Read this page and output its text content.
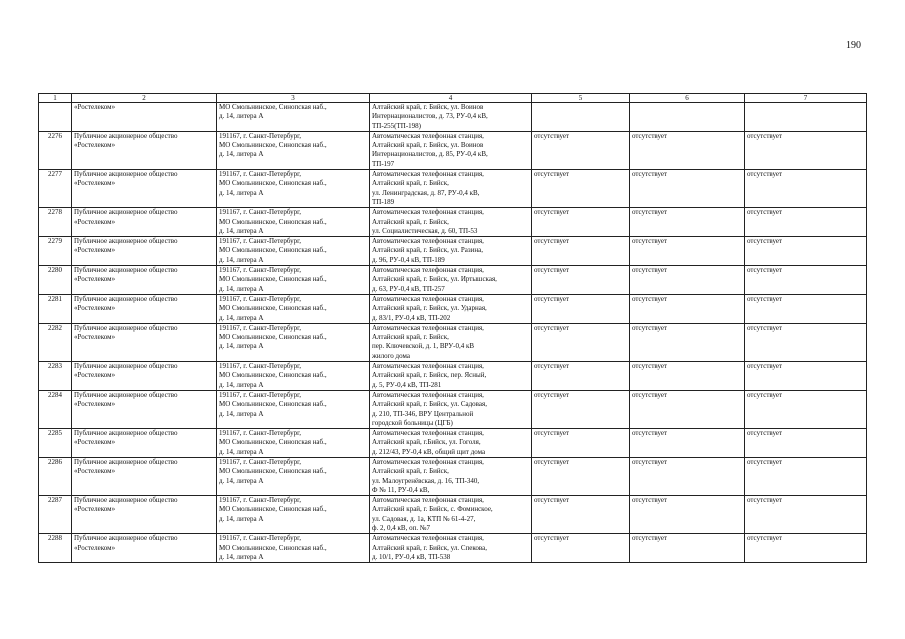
190
1	2	3	4	5	6	7
	«Ростелеком»	МО Смольнинское, Синопская наб.,
д. 14, литера А	Алтайский край, г. Бийск, ул. Воинов
Интернационалистов, д. 73, РУ-0,4 кВ,
ТП-255(ТП-198)			
2276	Публичное акционерное общество
«Ростелеком»	191167, г. Санкт-Петербург,
МО Смольнинское, Синопская наб.,
д. 14, литера А	Автоматическая телефонная станция,
Алтайский край, г. Бийск, ул. Воинов
Интернационалистов, д. 85, РУ-0,4 кВ,
ТП-197	отсутствует	отсутствует	отсутствует
2277	Публичное акционерное общество
«Ростелеком»	191167, г. Санкт-Петербург,
МО Смольнинское, Синопская наб.,
д. 14, литера А	Автоматическая телефонная станция,
Алтайский край, г. Бийск,
ул. Ленинградская, д. 87, РУ-0,4 кВ,
ТП-189	отсутствует	отсутствует	отсутствует
2278	Публичное акционерное общество
«Ростелеком»	191167, г. Санкт-Петербург,
МО Смольнинское, Синопская наб.,
д. 14, литера А	Автоматическая телефонная станция,
Алтайский край, г. Бийск,
ул. Социалистическая, д. 60, ТП-53	отсутствует	отсутствует	отсутствует
2279	Публичное акционерное общество
«Ростелеком»	191167, г. Санкт-Петербург,
МО Смольнинское, Синопская наб.,
д. 14, литера А	Автоматическая телефонная станция,
Алтайский край, г. Бийск, ул. Разина,
д. 96, РУ-0,4 кВ, ТП-189	отсутствует	отсутствует	отсутствует
2280	Публичное акционерное общество
«Ростелеком»	191167, г. Санкт-Петербург,
МО Смольнинское, Синопская наб.,
д. 14, литера А	Автоматическая телефонная станция,
Алтайский край, г. Бийск, ул. Иртышская,
д. 63, РУ-0,4 кВ, ТП-257	отсутствует	отсутствует	отсутствует
2281	Публичное акционерное общество
«Ростелеком»	191167, г. Санкт-Петербург,
МО Смольнинское, Синопская наб.,
д. 14, литера А	Автоматическая телефонная станция,
Алтайский край, г. Бийск, ул. Ударная,
д. 83/1, РУ-0,4 кВ, ТП-202	отсутствует	отсутствует	отсутствует
2282	Публичное акционерное общество
«Ростелеком»	191167, г. Санкт-Петербург,
МО Смольнинское, Синопская наб.,
д. 14, литера А	Автоматическая телефонная станция,
Алтайский край, г. Бийск,
пер. Ключевской, д. 1, ВРУ-0,4 кВ
жилого дома	отсутствует	отсутствует	отсутствует
2283	Публичное акционерное общество
«Ростелеком»	191167, г. Санкт-Петербург,
МО Смольнинское, Синопская наб.,
д. 14, литера А	Автоматическая телефонная станция,
Алтайский край, г. Бийск, пер. Ясный,
д. 5, РУ-0,4 кВ, ТП-281	отсутствует	отсутствует	отсутствует
2284	Публичное акционерное общество
«Ростелеком»	191167, г. Санкт-Петербург,
МО Смольнинское, Синопская наб.,
д. 14, литера А	Автоматическая телефонная станция,
Алтайский край, г. Бийск, ул. Садовая,
д. 210, ТП-346, ВРУ Центральной
городской больницы (ЦГБ)	отсутствует	отсутствует	отсутствует
2285	Публичное акционерное общество
«Ростелеком»	191167, г. Санкт-Петербург,
МО Смольнинское, Синопская наб.,
д. 14, литера А	Автоматическая телефонная станция,
Алтайский край, г.Бийск, ул. Гоголя,
д. 212/43, РУ-0,4 кВ, общий щит дома	отсутствует	отсутствует	отсутствует
2286	Публичное акционерное общество
«Ростелеком»	191167, г. Санкт-Петербург,
МО Смольнинское, Синопская наб.,
д. 14, литера А	Автоматическая телефонная станция,
Алтайский край, г. Бийск,
ул. Малоугренёвская, д. 16, ТП-340,
Ф № 11, РУ-0,4 кВ,	отсутствует	отсутствует	отсутствует
2287	Публичное акционерное общество
«Ростелеком»	191167, г. Санкт-Петербург,
МО Смольнинское, Синопская наб.,
д. 14, литера А	Автоматическая телефонная станция,
Алтайский край, г. Бийск, с. Фоминское,
ул. Садовая, д. 1а, КТП № 61-4-27,
ф. 2, 0,4 кВ, оп. №7	отсутствует	отсутствует	отсутствует
2288	Публичное акционерное общество
«Ростелеком»	191167, г. Санкт-Петербург,
МО Смольнинское, Синопская наб.,
д. 14, литера А	Автоматическая телефонная станция,
Алтайский край, г. Бийск, ул. Спекова,
д. 10/1, РУ-0,4 кВ, ТП-538	отсутствует	отсутствует	отсутствует
